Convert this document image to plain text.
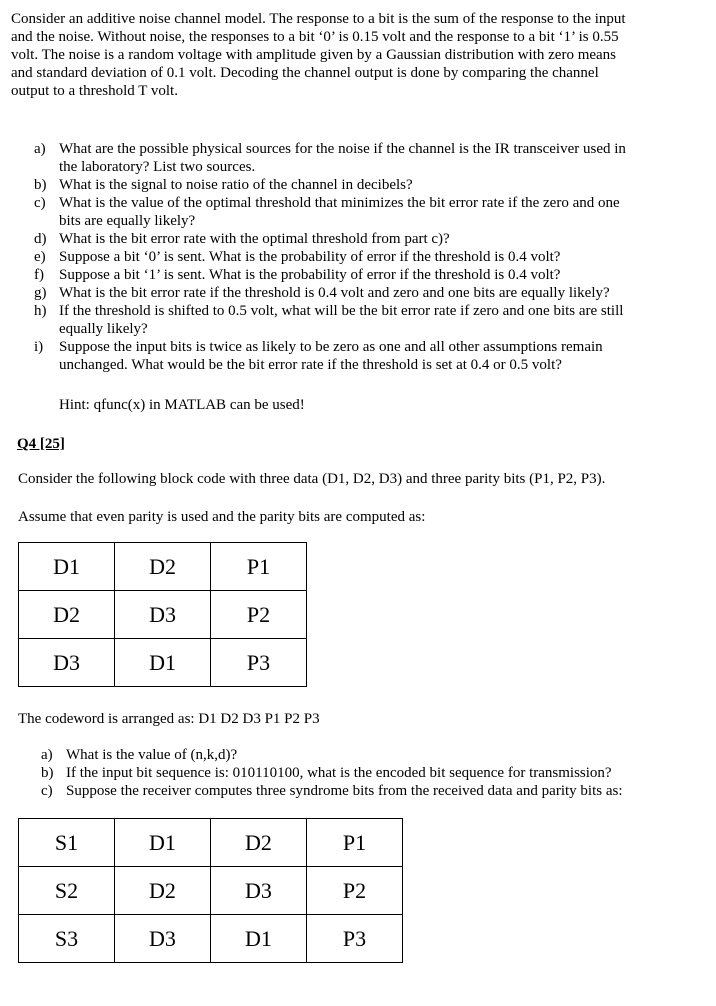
Consider an additive noise channel model. The response to a bit is the sum of the response to the input
and the noise. Without noise, the responses to a bit ‘0’ is 0.15 volt and the response to a bit ‘1’ is 0.55
volt. The noise is a random voltage with amplitude given by a Gaussian distribution with zero means
and standard deviation of 0.1 volt. Decoding the channel output is done by comparing the channel
output to a threshold T volt.
a) What are the possible physical sources for the noise if the channel is the IR transceiver used in
the laboratory? List two sources.
b) What is the signal to noise ratio of the channel in decibels?
c) What is the value of the optimal threshold that minimizes the bit error rate if the zero and one
bits are equally likely?
d) What is the bit error rate with the optimal threshold from part c)?
e) Suppose a bit ‘0’ is sent. What is the probability of error if the threshold is 0.4 volt?
f) Suppose a bit ‘1’ is sent. What is the probability of error if the threshold is 0.4 volt?
g) What is the bit error rate if the threshold is 0.4 volt and zero and one bits are equally likely?
h) If the threshold is shifted to 0.5 volt, what will be the bit error rate if zero and one bits are still
equally likely?
i) Suppose the input bits is twice as likely to be zero as one and all other assumptions remain
unchanged. What would be the bit error rate if the threshold is set at 0.4 or 0.5 volt?
Hint: qfunc(x) in MATLAB can be used!
Q4 [25]
Consider the following block code with three data (D1, D2, D3) and three parity bits (P1, P2, P3).
Assume that even parity is used and the parity bits are computed as:
D1	D2	P1
D2	D3	P2
D3	D1	P3
The codeword is arranged as: D1 D2 D3 P1 P2 P3
a) What is the value of (n,k,d)?
b) If the input bit sequence is: 010110100, what is the encoded bit sequence for transmission?
c) Suppose the receiver computes three syndrome bits from the received data and parity bits as:
S1	D1	D2	P1
S2	D2	D3	P2
S3	D3	D1	P3
